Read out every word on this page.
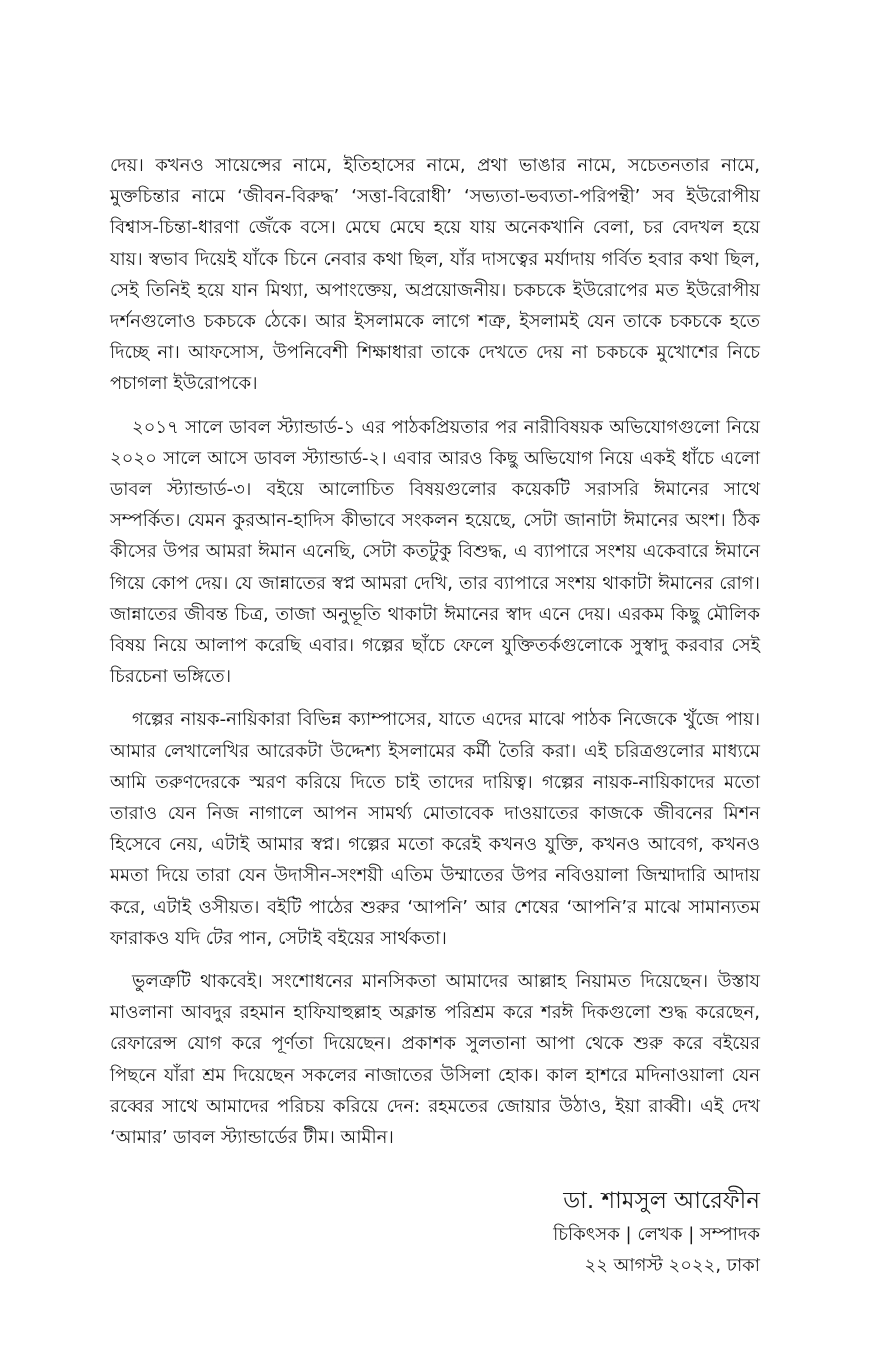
দেয়। কখনও সায়েন্সের নামে, ইতিহাসের নামে, প্রথা ভাঙার নামে, সচেতনতার নামে, মুক্তচিন্তার নামে ‘জীবন-বিরুদ্ধ’ ‘সত্তা-বিরোধী’ ‘সভ্যতা-ভব্যতা-পরিপন্থী’ সব ইউরোপীয় বিশ্বাস-চিন্তা-ধারণা জেঁকে বসে। মেঘে মেঘে হয়ে যায় অনেকখানি বেলা, চর বেদখল হয়ে যায়। স্বভাব দিয়েই যাঁকে চিনে নেবার কথা ছিল, যাঁর দাসত্বের মর্যাদায় গর্বিত হবার কথা ছিল, সেই তিনিই হয়ে যান মিথ্যা, অপাংক্তেয়, অপ্রয়োজনীয়। চকচকে ইউরোপের মত ইউরোপীয় দর্শনগুলোও চকচকে ঠেকে। আর ইসলামকে লাগে শত্রু, ইসলামই যেন তাকে চকচকে হতে দিচ্ছে না। আফসোস, উপনিবেশী শিক্ষাধারা তাকে দেখতে দেয় না চকচকে মুখোশের নিচে পচাগলা ইউরোপকে।

২০১৭ সালে ডাবল স্ট্যান্ডার্ড-১ এর পাঠকপ্রিয়তার পর নারীবিষয়ক অভিযোগগুলো নিয়ে ২০২০ সালে আসে ডাবল স্ট্যান্ডার্ড-২। এবার আরও কিছু অভিযোগ নিয়ে একই ধাঁচে এলো ডাবল স্ট্যান্ডার্ড-৩। বইয়ে আলোচিত বিষয়গুলোর কয়েকটি সরাসরি ঈমানের সাথে সম্পর্কিত। যেমন কুরআন-হাদিস কীভাবে সংকলন হয়েছে, সেটা জানাটা ঈমানের অংশ। ঠিক কীসের উপর আমরা ঈমান এনেছি, সেটা কতটুকু বিশুদ্ধ, এ ব্যাপারে সংশয় একেবারে ঈমানে গিয়ে কোপ দেয়। যে জান্নাতের স্বপ্ন আমরা দেখি, তার ব্যাপারে সংশয় থাকাটা ঈমানের রোগ। জান্নাতের জীবন্ত চিত্র, তাজা অনুভূতি থাকাটা ঈমানের স্বাদ এনে দেয়। এরকম কিছু মৌলিক বিষয় নিয়ে আলাপ করেছি এবার। গল্পের ছাঁচে ফেলে যুক্তিতর্কগুলোকে সুস্বাদু করবার সেই চিরচেনা ভঙ্গিতে।

গল্পের নায়ক-নায়িকারা বিভিন্ন ক্যাম্পাসের, যাতে এদের মাঝে পাঠক নিজেকে খুঁজে পায়। আমার লেখালেখির আরেকটা উদ্দেশ্য ইসলামের কর্মী তৈরি করা। এই চরিত্রগুলোর মাধ্যমে আমি তরুণদেরকে স্মরণ করিয়ে দিতে চাই তাদের দায়িত্ব। গল্পের নায়ক-নায়িকাদের মতো তারাও যেন নিজ নাগালে আপন সামর্থ্য মোতাবেক দাওয়াতের কাজকে জীবনের মিশন হিসেবে নেয়, এটাই আমার স্বপ্ন। গল্পের মতো করেই কখনও যুক্তি, কখনও আবেগ, কখনও মমতা দিয়ে তারা যেন উদাসীন-সংশয়ী এতিম উম্মাতের উপর নবিওয়ালা জিম্মাদারি আদায় করে, এটাই ওসীয়ত। বইটি পাঠের শুরুর ‘আপনি’ আর শেষের ‘আপনি’র মাঝে সামান্যতম ফারাকও যদি টের পান, সেটাই বইয়ের সার্থকতা।

ভুলত্রুটি থাকবেই। সংশোধনের মানসিকতা আমাদের আল্লাহ নিয়ামত দিয়েছেন। উস্তায মাওলানা আবদুর রহমান হাফিযাহুল্লাহ অক্লান্ত পরিশ্রম করে শরঈ দিকগুলো শুদ্ধ করেছেন, রেফারেন্স যোগ করে পূর্ণতা দিয়েছেন। প্রকাশক সুলতানা আপা থেকে শুরু করে বইয়ের পিছনে যাঁরা শ্রম দিয়েছেন সকলের নাজাতের উসিলা হোক। কাল হাশরে মদিনাওয়ালা যেন রব্বের সাথে আমাদের পরিচয় করিয়ে দেন: রহমতের জোয়ার উঠাও, ইয়া রাব্বী। এই দেখ ‘আমার’ ডাবল স্ট্যান্ডার্ডের টীম। আমীন।

ডা. শামসুল আরেফীন
চিকিৎসক | লেখক | সম্পাদক
২২ আগস্ট ২০২২, ঢাকা
